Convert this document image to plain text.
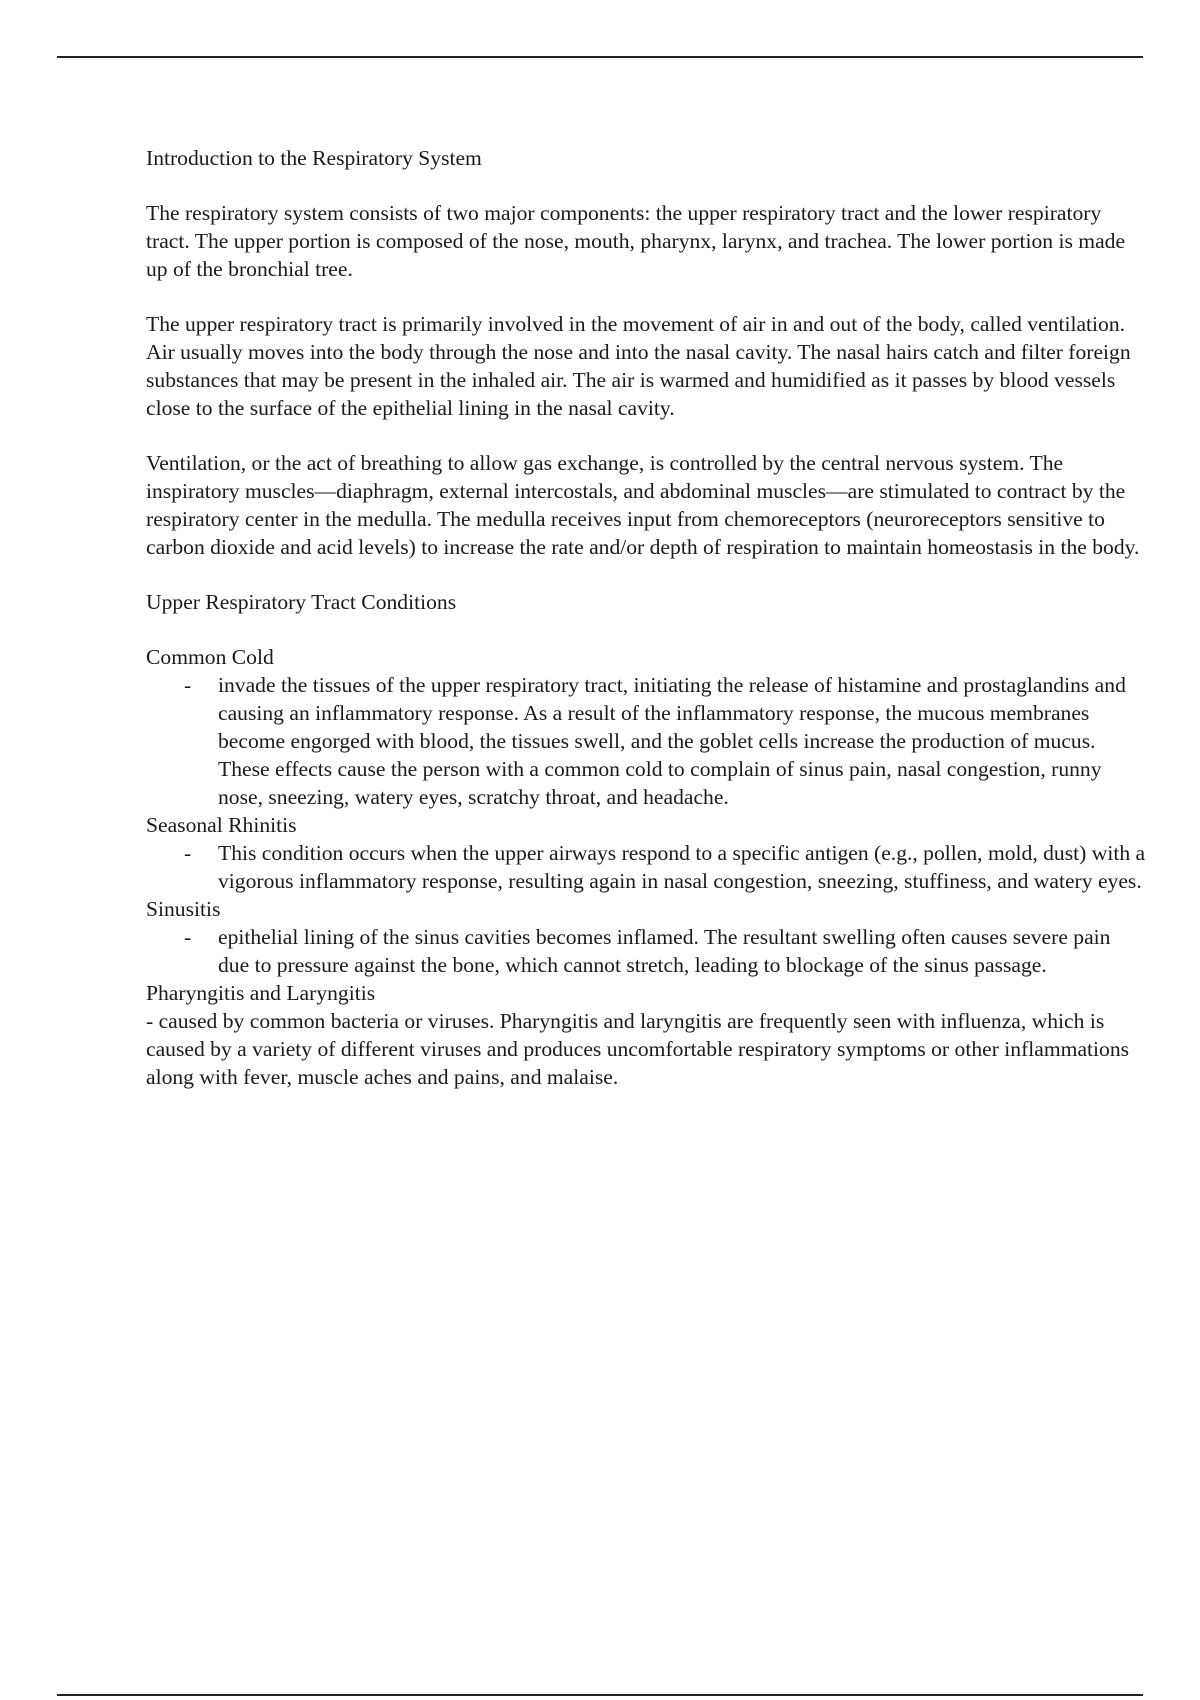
Introduction to the Respiratory System

The respiratory system consists of two major components: the upper respiratory tract and the lower respiratory tract. The upper portion is composed of the nose, mouth, pharynx, larynx, and trachea. The lower portion is made up of the bronchial tree.

The upper respiratory tract is primarily involved in the movement of air in and out of the body, called ventilation. Air usually moves into the body through the nose and into the nasal cavity. The nasal hairs catch and filter foreign substances that may be present in the inhaled air. The air is warmed and humidified as it passes by blood vessels close to the surface of the epithelial lining in the nasal cavity.

Ventilation, or the act of breathing to allow gas exchange, is controlled by the central nervous system. The inspiratory muscles—diaphragm, external intercostals, and abdominal muscles—are stimulated to contract by the respiratory center in the medulla. The medulla receives input from chemoreceptors (neuroreceptors sensitive to carbon dioxide and acid levels) to increase the rate and/or depth of respiration to maintain homeostasis in the body.

Upper Respiratory Tract Conditions

Common Cold

- invade the tissues of the upper respiratory tract, initiating the release of histamine and prostaglandins and causing an inflammatory response. As a result of the inflammatory response, the mucous membranes become engorged with blood, the tissues swell, and the goblet cells increase the production of mucus. These effects cause the person with a common cold to complain of sinus pain, nasal congestion, runny nose, sneezing, watery eyes, scratchy throat, and headache.

Seasonal Rhinitis

- This condition occurs when the upper airways respond to a specific antigen (e.g., pollen, mold, dust) with a vigorous inflammatory response, resulting again in nasal congestion, sneezing, stuffiness, and watery eyes.

Sinusitis

- epithelial lining of the sinus cavities becomes inflamed. The resultant swelling often causes severe pain due to pressure against the bone, which cannot stretch, leading to blockage of the sinus passage.

Pharyngitis and Laryngitis

- caused by common bacteria or viruses. Pharyngitis and laryngitis are frequently seen with influenza, which is caused by a variety of different viruses and produces uncomfortable respiratory symptoms or other inflammations along with fever, muscle aches and pains, and malaise.
